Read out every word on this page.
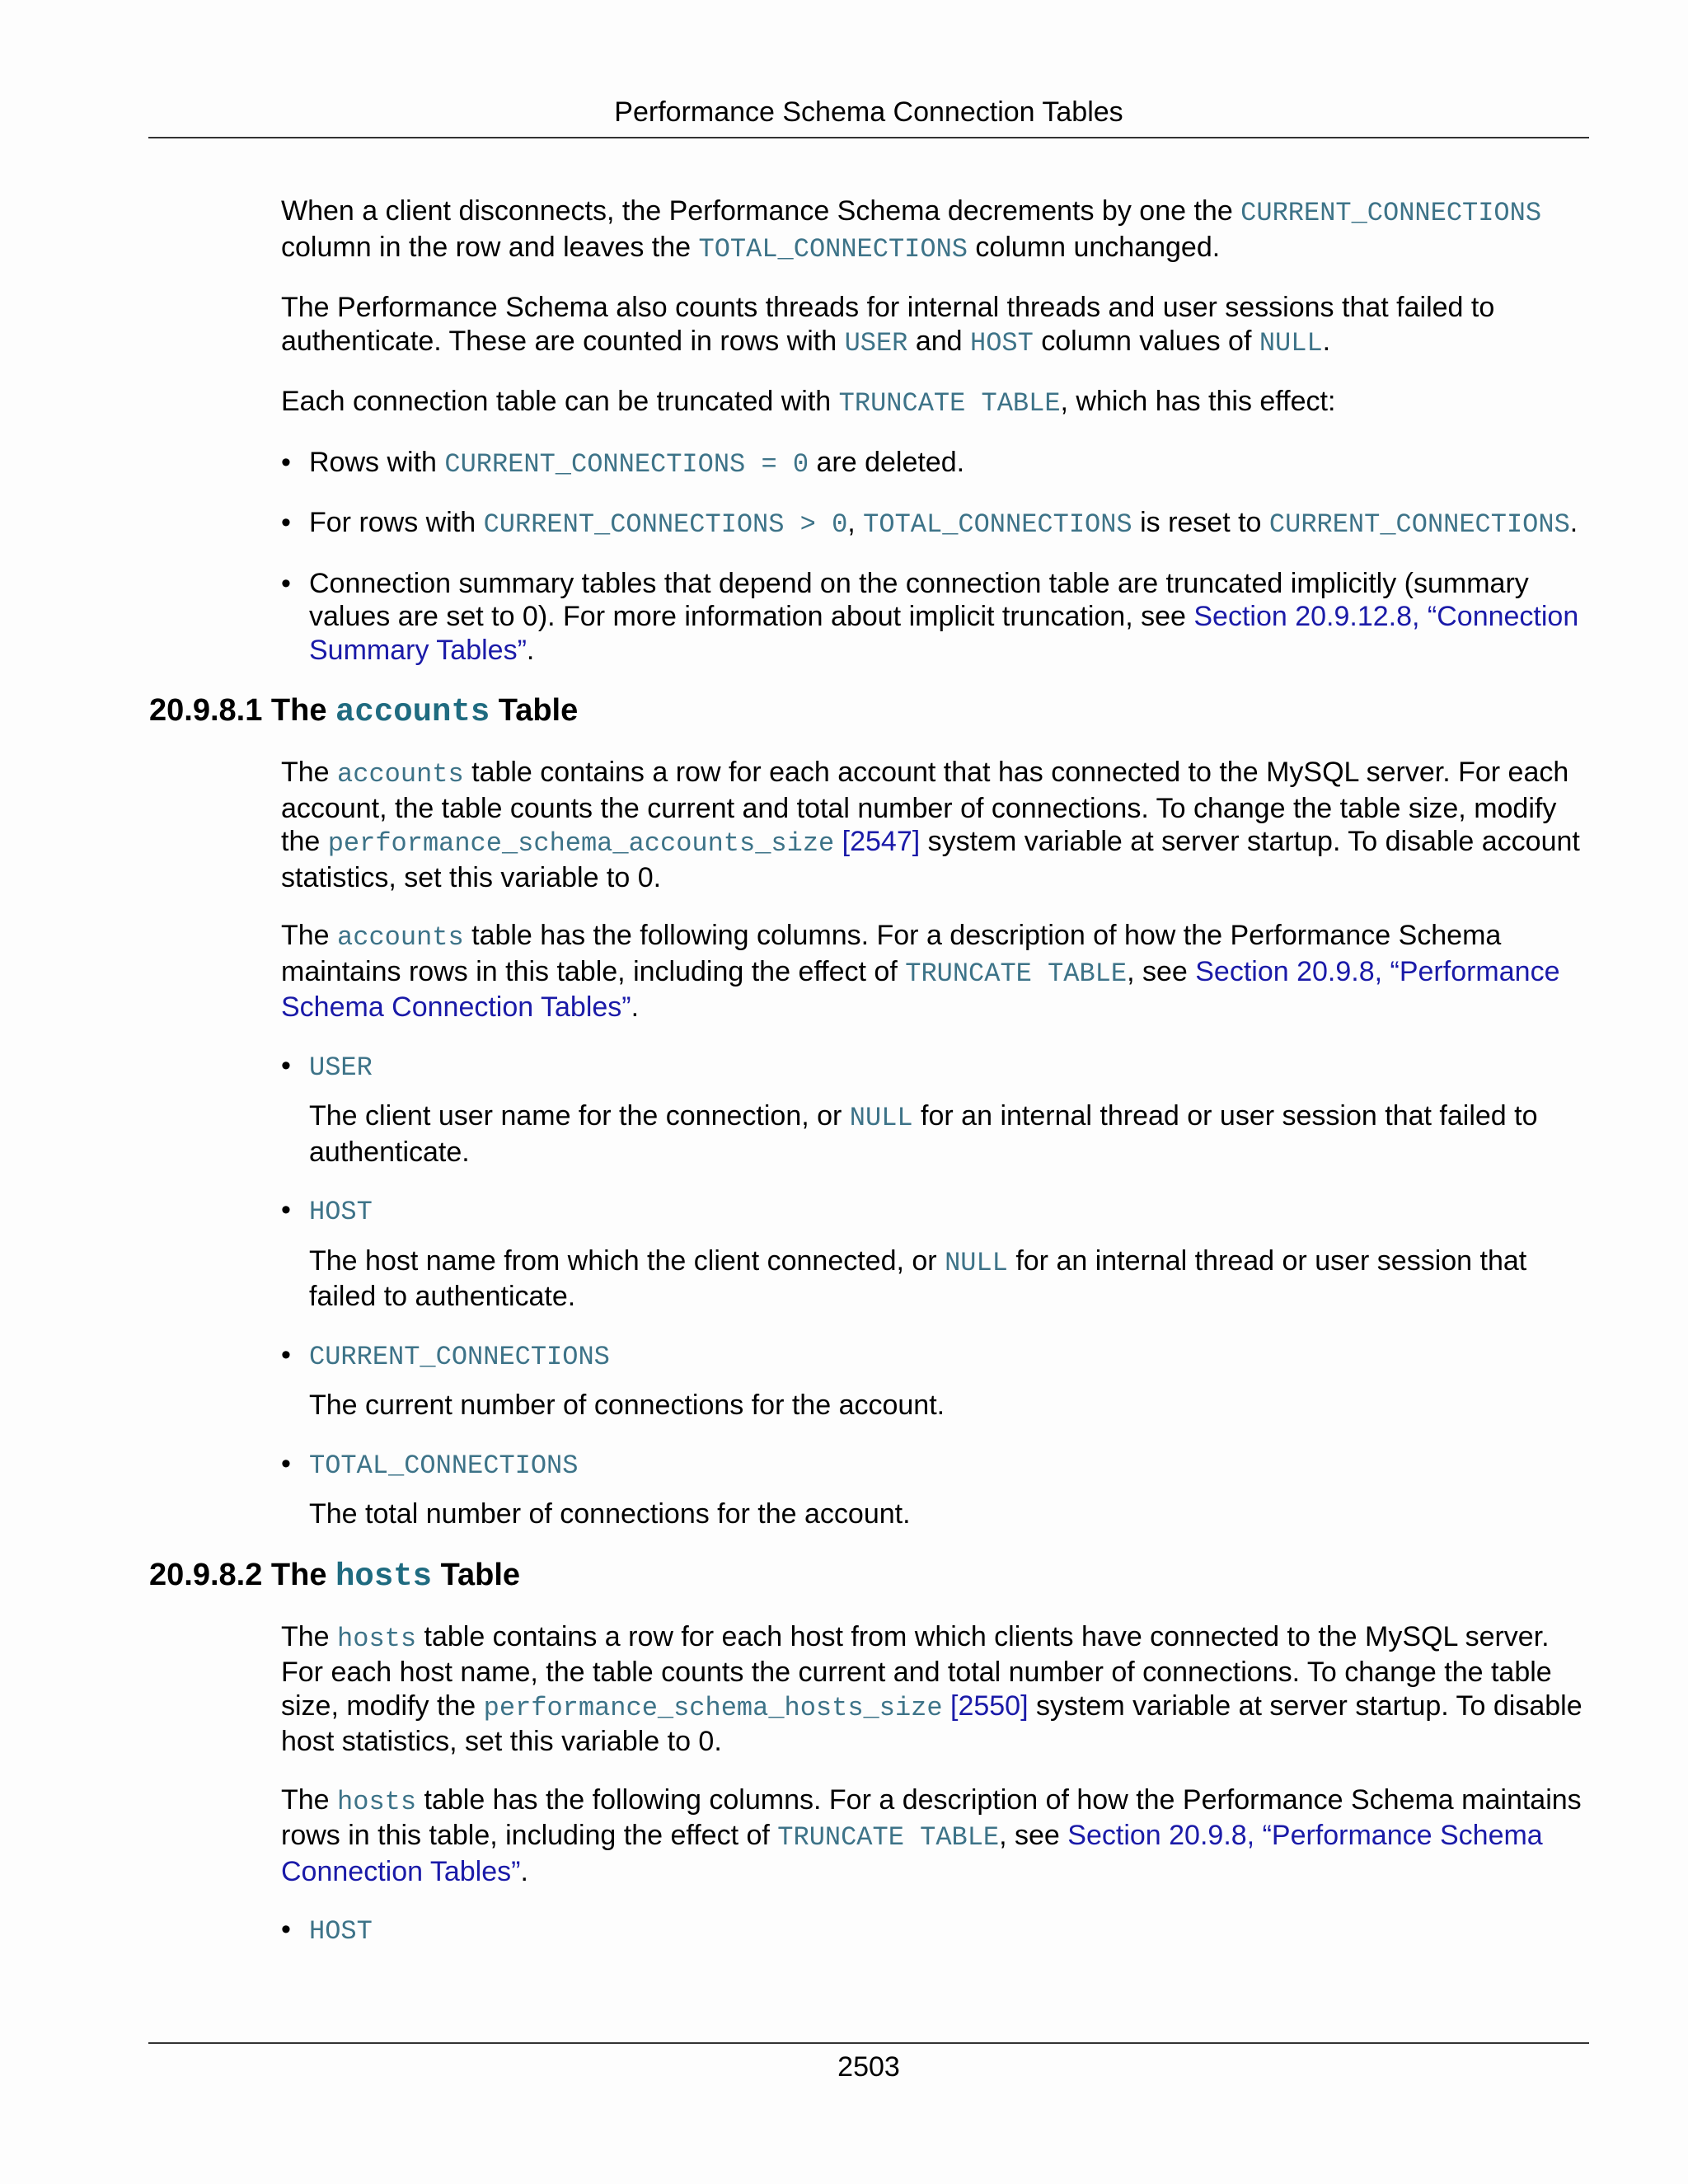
Performance Schema Connection Tables

When a client disconnects, the Performance Schema decrements by one the CURRENT_CONNECTIONS column in the row and leaves the TOTAL_CONNECTIONS column unchanged.

The Performance Schema also counts threads for internal threads and user sessions that failed to authenticate. These are counted in rows with USER and HOST column values of NULL.

Each connection table can be truncated with TRUNCATE TABLE, which has this effect:

• Rows with CURRENT_CONNECTIONS = 0 are deleted.
• For rows with CURRENT_CONNECTIONS > 0, TOTAL_CONNECTIONS is reset to CURRENT_CONNECTIONS.
• Connection summary tables that depend on the connection table are truncated implicitly (summary values are set to 0). For more information about implicit truncation, see Section 20.9.12.8, “Connection Summary Tables”.
20.9.8.1 The accounts Table

The accounts table contains a row for each account that has connected to the MySQL server. For each account, the table counts the current and total number of connections. To change the table size, modify the performance_schema_accounts_size [2547] system variable at server startup. To disable account statistics, set this variable to 0.

The accounts table has the following columns. For a description of how the Performance Schema maintains rows in this table, including the effect of TRUNCATE TABLE, see Section 20.9.8, “Performance Schema Connection Tables”.

• USER

The client user name for the connection, or NULL for an internal thread or user session that failed to authenticate.

• HOST

The host name from which the client connected, or NULL for an internal thread or user session that failed to authenticate.

• CURRENT_CONNECTIONS

The current number of connections for the account.

• TOTAL_CONNECTIONS

The total number of connections for the account.

20.9.8.2 The hosts Table

The hosts table contains a row for each host from which clients have connected to the MySQL server. For each host name, the table counts the current and total number of connections. To change the table size, modify the performance_schema_hosts_size [2550] system variable at server startup. To disable host statistics, set this variable to 0.

The hosts table has the following columns. For a description of how the Performance Schema maintains rows in this table, including the effect of TRUNCATE TABLE, see Section 20.9.8, “Performance Schema Connection Tables”.

• HOST
2503
